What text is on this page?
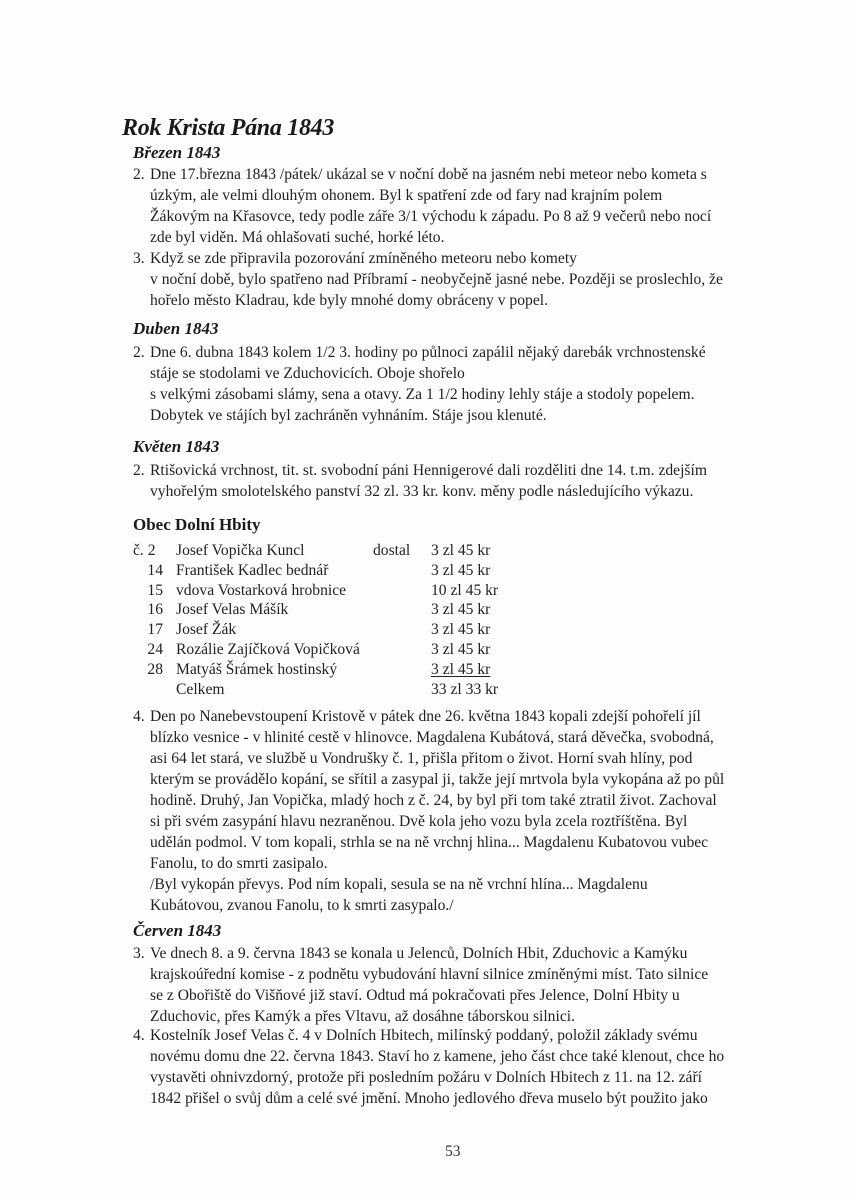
Rok Krista Pána 1843
Březen 1843
2. Dne 17.března 1843 /pátek/ ukázal se v noční době na jasném nebi meteor nebo kometa s
úzkým, ale velmi dlouhým ohonem. Byl k spatření zde od fary nad krajním polem
Žákovým na Křasovce, tedy podle záře 3/1 východu k západu. Po 8 až 9 večerů nebo nocí
zde byl viděn. Má ohlašovati suché, horké léto.
3. Když se zde připravila pozorování zmíněného meteoru nebo komety
v noční době, bylo spatřeno nad Příbramí - neobyčejně jasné nebe. Později se proslechlo, že
hořelo město Kladrau, kde byly mnohé domy obráceny v popel.
Duben 1843
2. Dne 6. dubna 1843 kolem 1/2 3. hodiny po půlnoci zapálil nějaký darebák vrchnostenské
stáje se stodolami ve Zduchovicích. Oboje shořelo
s velkými zásobami slámy, sena a otavy. Za 1 1/2 hodiny lehly stáje a stodoly popelem.
Dobytek ve stájích byl zachráněn vyhnáním. Stáje jsou klenuté.
Květen 1843
2. Rtišovická vrchnost, tit. st. svobodní páni Hennigerové dali rozděliti dne 14. t.m. zdejším
vyhořelým smolotelského panství 32 zl. 33 kr. konv. měny podle následujícího výkazu.
Obec Dolní Hbity
č. 2	Josef Vopička Kuncl	dostal 3 zl 45 kr
14 František Kadlec bednář	3 zl 45 kr
15 vdova Vostarková hrobnice	10 zl 45 kr
16 Josef Velas Mášík	3 zl 45 kr
17 Josef Žák	3 zl 45 kr
24 Rozálie Zajíčková Vopičková	3 zl 45 kr
28 Matyáš Šrámek hostinský	3 zl 45 kr
Celkem	33 zl 33 kr
4. Den po Nanebevstoupení Kristově v pátek dne 26. května 1843 kopali zdejší pohořelí jíl
blízko vesnice - v hlinité cestě v hlinovce. Magdalena Kubátová, stará děvečka, svobodná,
asi 64 let stará, ve službě u Vondrušky č. 1, přišla přitom o život. Horní svah hlíny, pod
kterým se provádělo kopání, se sřítil a zasypal ji, takže její mrtvola byla vykopána až po půl
hodině. Druhý, Jan Vopička, mladý hoch z č. 24, by byl při tom také ztratil život. Zachoval
si při svém zasypání hlavu nezraněnou. Dvě kola jeho vozu byla zcela roztříštěna. Byl
udělán podmol. V tom kopali, strhla se na ně vrchnj hlina... Magdalenu Kubatovou vubec
Fanolu, to do smrti zasipalo.
/Byl vykopán převys. Pod ním kopali, sesula se na ně vrchní hlína... Magdalenu
Kubátovou, zvanou Fanolu, to k smrti zasypalo./
Červen 1843
3. Ve dnech 8. a 9. června 1843 se konala u Jelenců, Dolních Hbit, Zduchovic a Kamýku
krajskoúřední komise - z podnětu vybudování hlavní silnice zmíněnými míst. Tato silnice
se z Obořiště do Višňové již staví. Odtud má pokračovati přes Jelence, Dolní Hbity u
Zduchovic, přes Kamýk a přes Vltavu, až dosáhne táborskou silnici.
4. Kostelník Josef Velas č. 4 v Dolních Hbitech, milínský poddaný, položil základy svému
novému domu dne 22. června 1843. Staví ho z kamene, jeho část chce také klenout, chce ho
vystavěti ohnivzdorný, protože při posledním požáru v Dolních Hbitech z 11. na 12. září
1842 přišel o svůj dům a celé své jmění. Mnoho jedlového dřeva muselo být použito jako
53
